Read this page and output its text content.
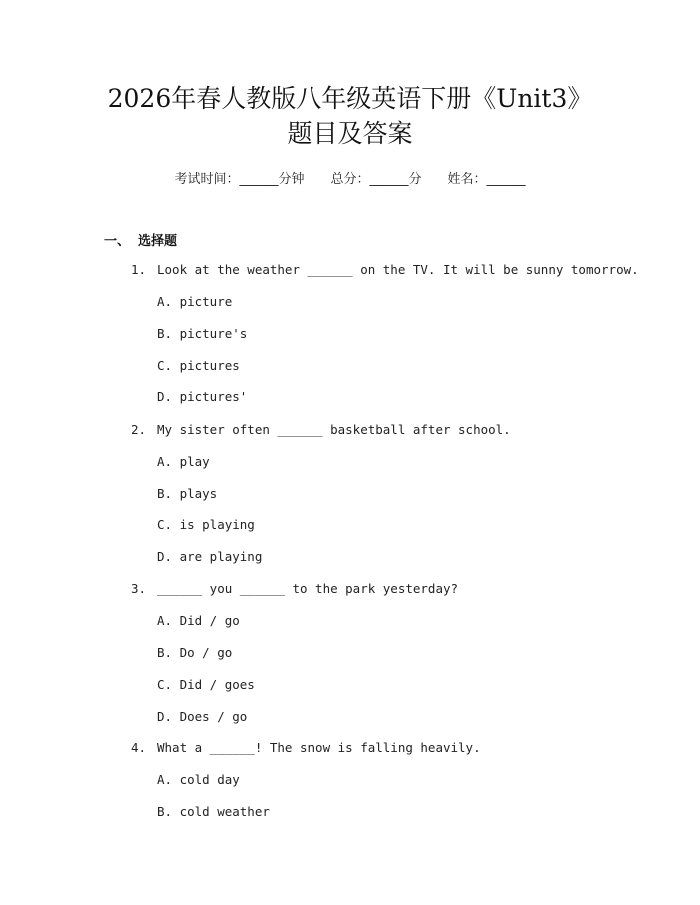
2026年春人教版八年级英语下册《Unit3》
题目及答案
考试时间：______分钟 总分：______分 姓名：______
一、 选择题
1. Look at the weather ______ on the TV. It will be sunny tomorrow.
A. picture
B. picture's
C. pictures
D. pictures'
2. My sister often ______ basketball after school.
A. play
B. plays
C. is playing
D. are playing
3. ______ you ______ to the park yesterday?
A. Did / go
B. Do / go
C. Did / goes
D. Does / go
4. What a ______! The snow is falling heavily.
A. cold day
B. cold weather
